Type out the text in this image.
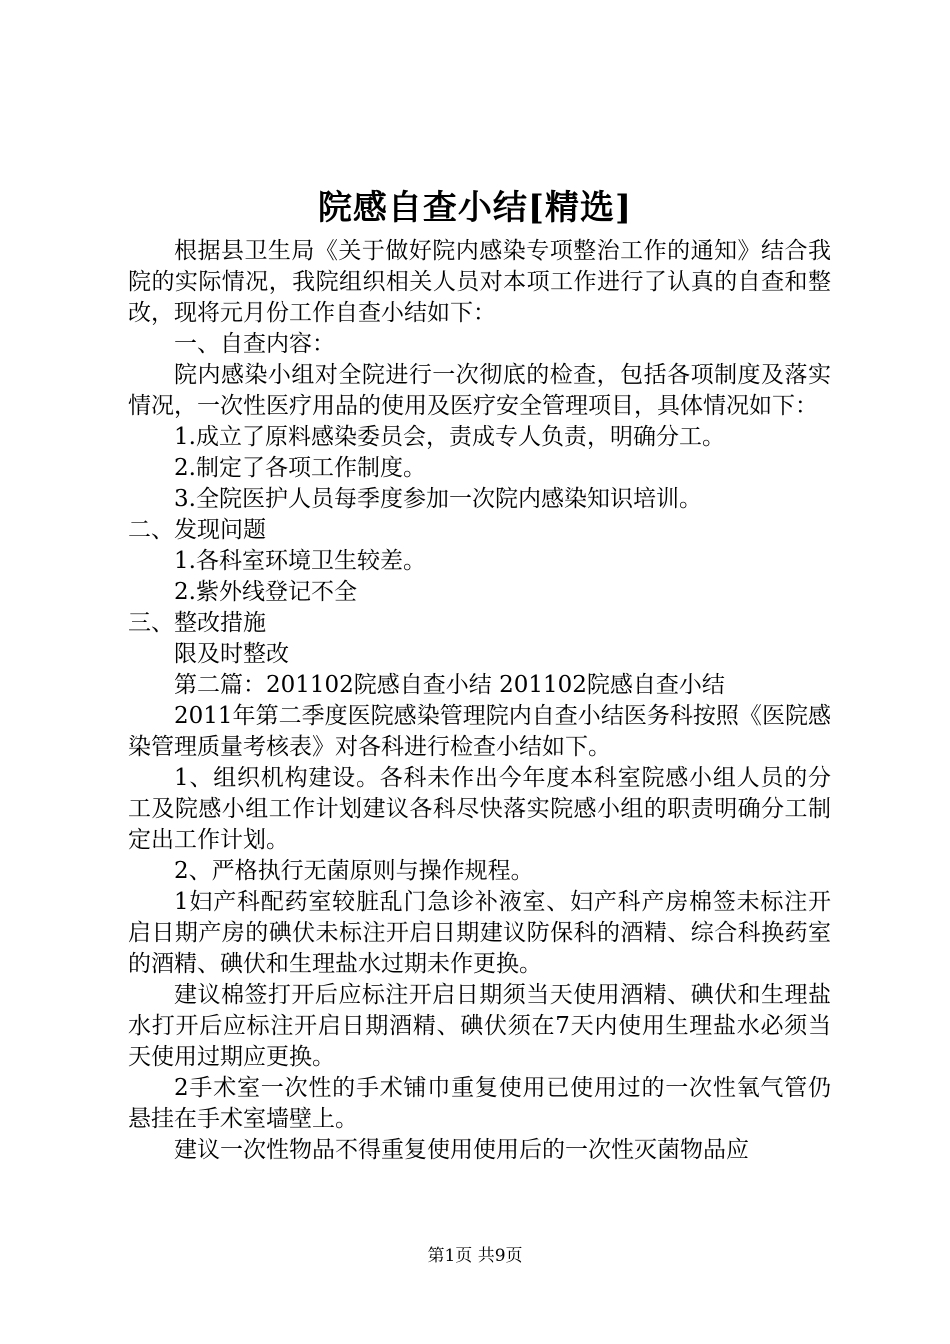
院感自查小结[精选]

根据县卫生局《关于做好院内感染专项整治工作的通知》结合我院的实际情况，我院组织相关人员对本项工作进行了认真的自查和整改，现将元月份工作自查小结如下：

一、自查内容：

院内感染小组对全院进行一次彻底的检查，包括各项制度及落实情况，一次性医疗用品的使用及医疗安全管理项目，具体情况如下：

1.成立了原料感染委员会，责成专人负责，明确分工。

2.制定了各项工作制度。

3.全院医护人员每季度参加一次院内感染知识培训。

二、发现问题

1.各科室环境卫生较差。

2.紫外线登记不全

三、整改措施

限及时整改

第二篇：201102院感自查小结 201102院感自查小结

2011年第二季度医院感染管理院内自查小结医务科按照《医院感染管理质量考核表》对各科进行检查小结如下。

1、组织机构建设。各科未作出今年度本科室院感小组人员的分工及院感小组工作计划建议各科尽快落实院感小组的职责明确分工制定出工作计划。

2、严格执行无菌原则与操作规程。

1妇产科配药室较脏乱门急诊补液室、妇产科产房棉签未标注开启日期产房的碘伏未标注开启日期建议防保科的酒精、综合科换药室的酒精、碘伏和生理盐水过期未作更换。

建议棉签打开后应标注开启日期须当天使用酒精、碘伏和生理盐水打开后应标注开启日期酒精、碘伏须在7天内使用生理盐水必须当天使用过期应更换。

2手术室一次性的手术铺巾重复使用已使用过的一次性氧气管仍悬挂在手术室墙壁上。

建议一次性物品不得重复使用使用后的一次性灭菌物品应

第1页 共9页
